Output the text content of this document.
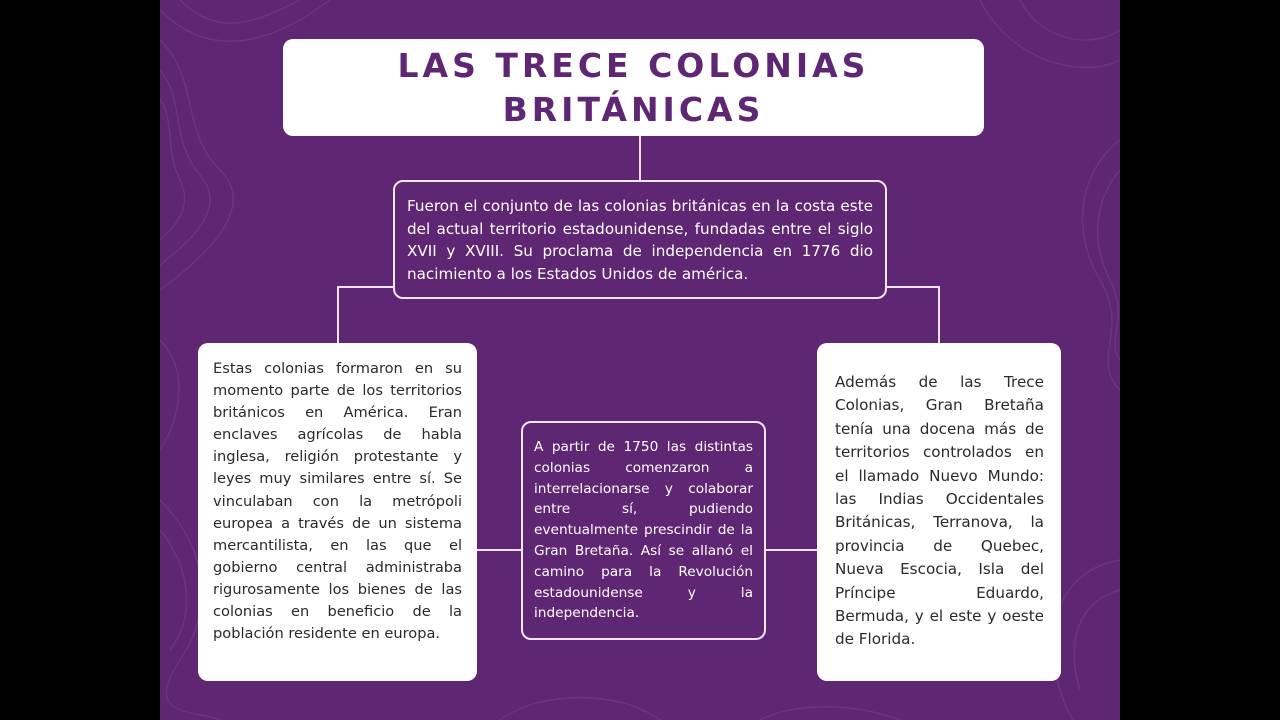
LAS TRECE COLONIAS BRITÁNICAS
Fueron el conjunto de las colonias británicas en la costa este del actual territorio estadounidense, fundadas entre el siglo XVII y XVIII. Su proclama de independencia en 1776 dio nacimiento a los Estados Unidos de américa.
Estas colonias formaron en su momento parte de los territorios británicos en América. Eran enclaves agrícolas de habla inglesa, religión protestante y leyes muy similares entre sí. Se vinculaban con la metrópoli europea a través de un sistema mercantilista, en las que el gobierno central administraba rigurosamente los bienes de las colonias en beneficio de la población residente en europa.
A partir de 1750 las distintas colonias comenzaron a interrelacionarse y colaborar entre sí, pudiendo eventualmente prescindir de la Gran Bretaña. Así se allanó el camino para la Revolución estadounidense y la independencia.
Además de las Trece Colonias, Gran Bretaña tenía una docena más de territorios controlados en el llamado Nuevo Mundo: las Indias Occidentales Británicas, Terranova, la provincia de Quebec, Nueva Escocia, Isla del Príncipe Eduardo, Bermuda, y el este y oeste de Florida.
